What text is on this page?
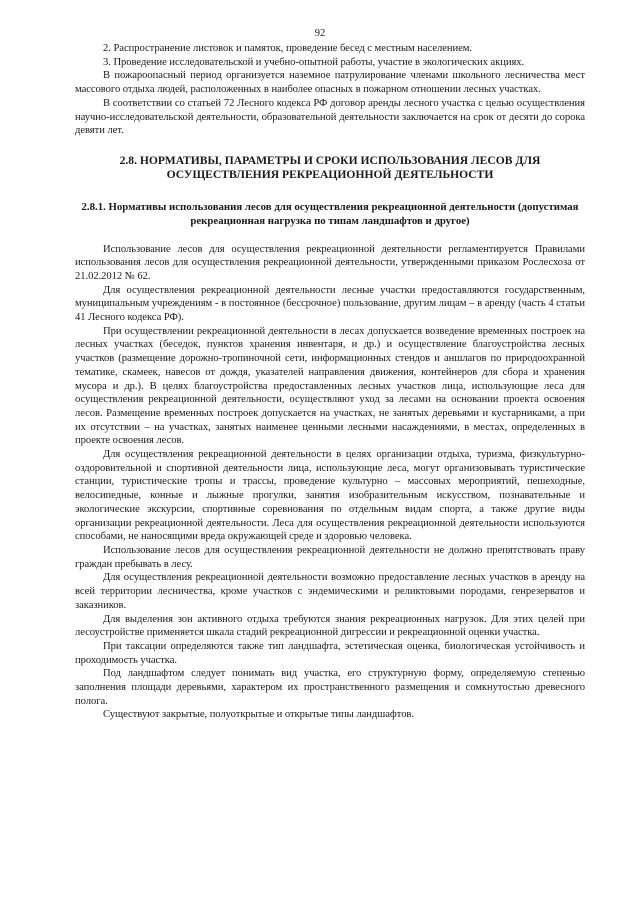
92

2. Распространение листовок и памяток, проведение бесед с местным населением.

3. Проведение исследовательской и учебно-опытной работы, участие в экологических акциях.

В пожароопасный период организуется наземное патрулирование членами школьного лесничества мест массового отдыха людей, расположенных в наиболее опасных в пожарном отношении лесных участках.

В соответствии со статьей 72 Лесного кодекса РФ договор аренды лесного участка с целью осуществления научно-исследовательской деятельности, образовательной деятельности заключается на срок от десяти до сорока девяти лет.

2.8. НОРМАТИВЫ, ПАРАМЕТРЫ И СРОКИ ИСПОЛЬЗОВАНИЯ ЛЕСОВ ДЛЯ ОСУЩЕСТВЛЕНИЯ РЕКРЕАЦИОННОЙ ДЕЯТЕЛЬНОСТИ
2.8.1. Нормативы использования лесов для осуществления рекреационной деятельности (допустимая рекреационная нагрузка по типам ландшафтов и другое)

Использование лесов для осуществления рекреационной деятельности регламентируется Правилами использования лесов для осуществления рекреационной деятельности, утвержденными приказом Рослесхоза от 21.02.2012 № 62.

Для осуществления рекреационной деятельности лесные участки предоставляются государственным, муниципальным учреждениям - в постоянное (бессрочное) пользование, другим лицам – в аренду (часть 4 статьи 41 Лесного кодекса РФ).

При осуществлении рекреационной деятельности в лесах допускается возведение временных построек на лесных участках (беседок, пунктов хранения инвентаря, и др.) и осуществление благоустройства лесных участков (размещение дорожно-тропиночной сети, информационных стендов и аншлагов по природоохранной тематике, скамеек, навесов от дождя, указателей направления движения, контейнеров для сбора и хранения мусора и др.). В целях благоустройства предоставленных лесных участков лица, использующие леса для осуществления рекреационной деятельности, осуществляют уход за лесами на основании проекта освоения лесов. Размещение временных построек допускается на участках, не занятых деревьями и кустарниками, а при их отсутствии – на участках, занятых наименее ценными лесными насаждениями, в местах, определенных в проекте освоения лесов.

Для осуществления рекреационной деятельности в целях организации отдыха, туризма, физкультурно-оздоровительной и спортивной деятельности лица, использующие леса, могут организовывать туристические станции, туристические тропы и трассы, проведение культурно – массовых мероприятий, пешеходные, велосипедные, конные и лыжные прогулки, занятия изобразительным искусством, познавательные и экологические экскурсии, спортивные соревнования по отдельным видам спорта, а также другие виды организации рекреационной деятельности. Леса для осуществления рекреационной деятельности используются способами, не наносящими вреда окружающей среде и здоровью человека.

Использование лесов для осуществления рекреационной деятельности не должно препятствовать праву граждан пребывать в лесу.

Для осуществления рекреационной деятельности возможно предоставление лесных участков в аренду на всей территории лесничества, кроме участков с эндемическими и реликтовыми породами, генрезерватов и заказников.

Для выделения зон активного отдыха требуются знания рекреационных нагрузок. Для этих целей при лесоустройстве применяется шкала стадий рекреационной дигрессии и рекреационной оценки участка.

При таксации определяются также тип ландшафта, эстетическая оценка, биологическая устойчивость и проходимость участка.

Под ландшафтом следует понимать вид участка, его структурную форму, определяемую степенью заполнения площади деревьями, характером их пространственного размещения и сомкнутостью древесного полога.

Существуют закрытые, полуоткрытые и открытые типы ландшафтов.
